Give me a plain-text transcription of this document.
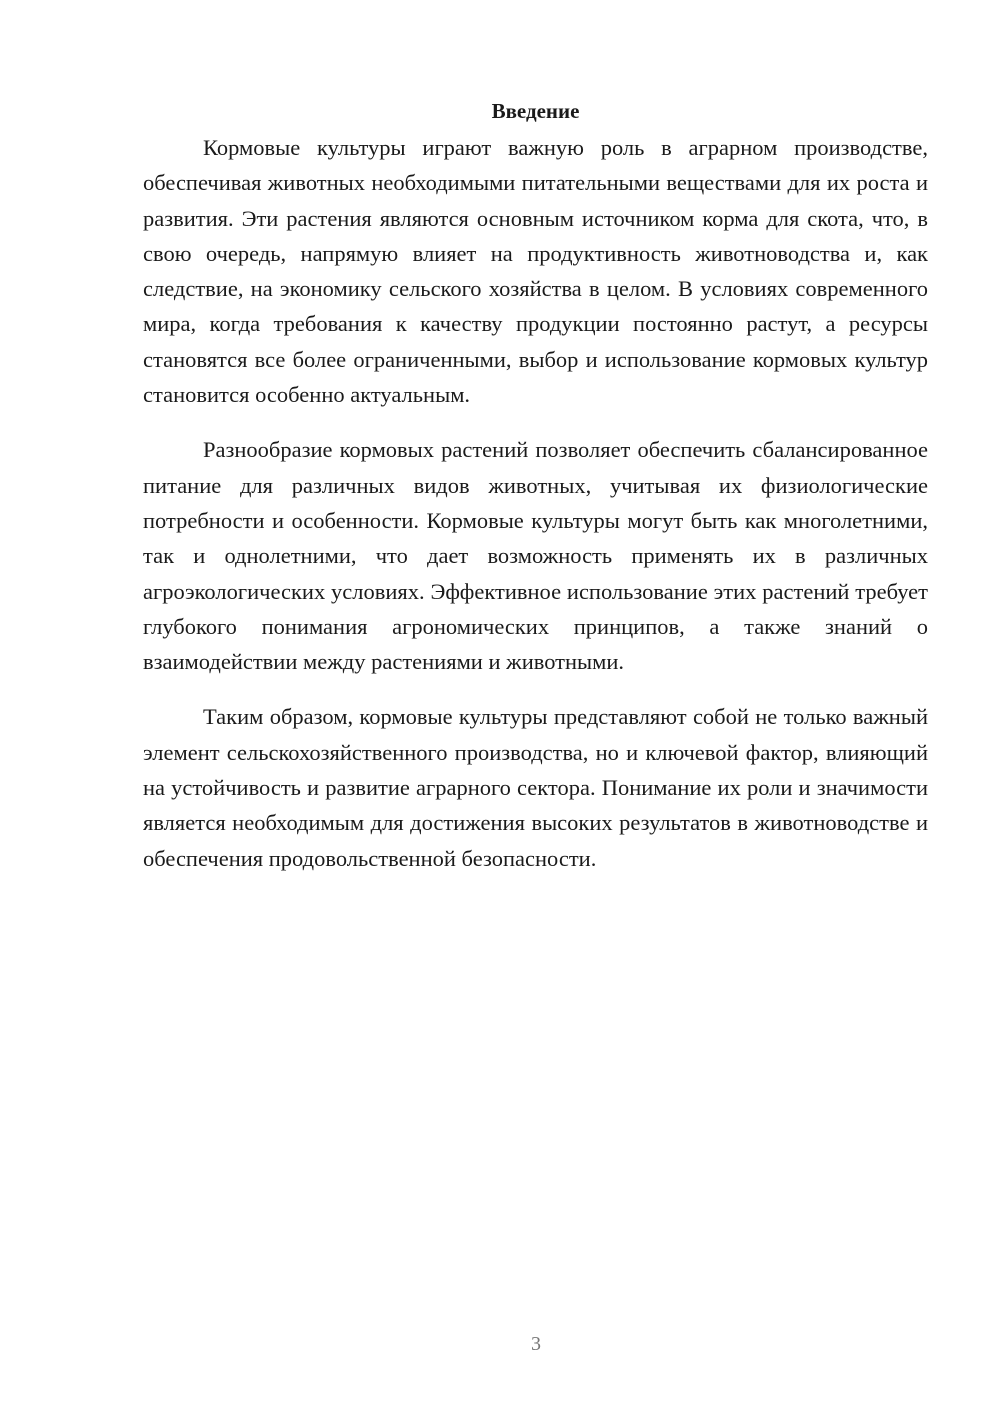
Введение

Кормовые культуры играют важную роль в аграрном производстве, обеспечивая животных необходимыми питательными веществами для их роста и развития. Эти растения являются основным источником корма для скота, что, в свою очередь, напрямую влияет на продуктивность животноводства и, как следствие, на экономику сельского хозяйства в целом. В условиях современного мира, когда требования к качеству продукции постоянно растут, а ресурсы становятся все более ограниченными, выбор и использование кормовых культур становится особенно актуальным.

Разнообразие кормовых растений позволяет обеспечить сбалансированное питание для различных видов животных, учитывая их физиологические потребности и особенности. Кормовые культуры могут быть как многолетними, так и однолетними, что дает возможность применять их в различных агроэкологических условиях. Эффективное использование этих растений требует глубокого понимания агрономических принципов, а также знаний о взаимодействии между растениями и животными.

Таким образом, кормовые культуры представляют собой не только важный элемент сельскохозяйственного производства, но и ключевой фактор, влияющий на устойчивость и развитие аграрного сектора. Понимание их роли и значимости является необходимым для достижения высоких результатов в животноводстве и обеспечения продовольственной безопасности.

3
